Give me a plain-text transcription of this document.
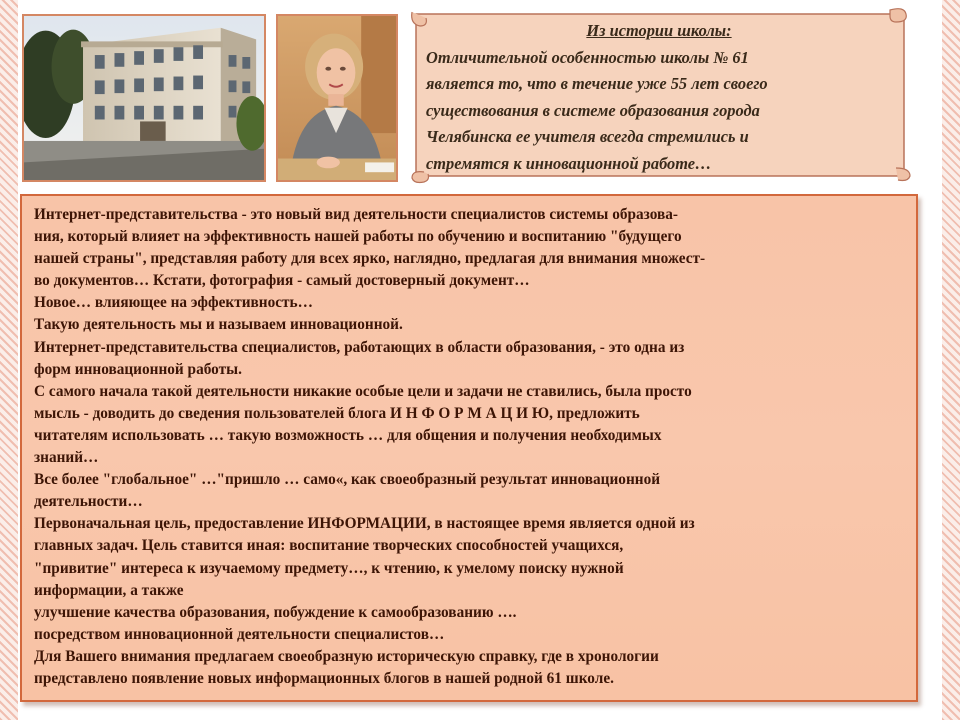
Из истории школы:
Отличительной особенностью школы № 61
является то, что в течение уже 55 лет своего
существования в системе образования города
Челябинска ее учителя всегда стремились и
стремятся к инновационной работе…

Интернет-представительства - это новый вид деятельности специалистов системы образова-
ния, который влияет на эффективность нашей работы по обучению и воспитанию "будущего
нашей страны", представляя работу для всех ярко, наглядно, предлагая для внимания множест-
во документов… Кстати, фотография - самый достоверный документ…
Новое… влияющее на эффективность…
Такую деятельность мы и называем инновационной.
Интернет-представительства специалистов, работающих в области образования, - это одна из
форм инновационной работы.
С самого начала такой деятельности никакие особые цели и задачи не ставились, была просто
мысль - доводить до сведения пользователей блога И Н Ф О Р М А Ц И Ю, предложить
читателям использовать … такую возможность … для общения и получения необходимых
знаний…
Все более "глобальное" …"пришло … само«, как своеобразный результат инновационной
деятельности…
Первоначальная цель, предоставление ИНФОРМАЦИИ, в настоящее время является одной из
главных задач. Цель ставится иная: воспитание творческих способностей учащихся,
"привитие" интереса к изучаемому предмету…, к чтению, к умелому поиску нужной
информации, а также
улучшение качества образования, побуждение к самообразованию ….
посредством инновационной деятельности специалистов…
Для Вашего внимания предлагаем своеобразную историческую справку, где в хронологии
представлено появление новых информационных блогов в нашей родной 61 школе.
